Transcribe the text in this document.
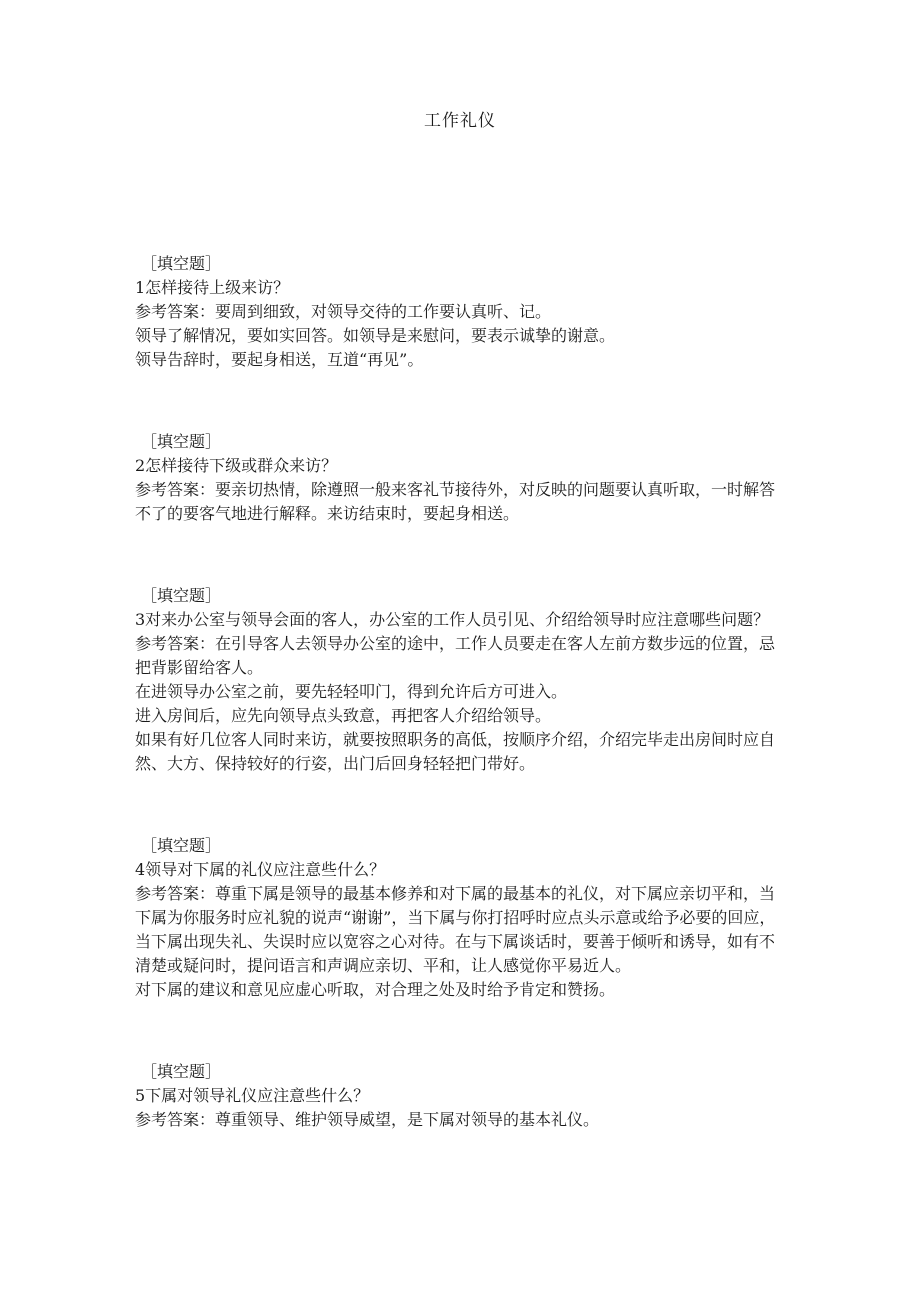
工作礼仪

［填空题］

1怎样接待上级来访？

参考答案：要周到细致，对领导交待的工作要认真听、记。

领导了解情况，要如实回答。如领导是来慰问，要表示诚挚的谢意。

领导告辞时，要起身相送，互道“再见”。

［填空题］

2怎样接待下级或群众来访？

参考答案：要亲切热情，除遵照一般来客礼节接待外，对反映的问题要认真听取，一时解答不了的要客气地进行解释。来访结束时，要起身相送。

［填空题］

3对来办公室与领导会面的客人，办公室的工作人员引见、介绍给领导时应注意哪些问题？

参考答案：在引导客人去领导办公室的途中，工作人员要走在客人左前方数步远的位置，忌把背影留给客人。

在进领导办公室之前，要先轻轻叩门，得到允许后方可进入。

进入房间后，应先向领导点头致意，再把客人介绍给领导。

如果有好几位客人同时来访，就要按照职务的高低，按顺序介绍，介绍完毕走出房间时应自然、大方、保持较好的行姿，出门后回身轻轻把门带好。

［填空题］

4领导对下属的礼仪应注意些什么？

参考答案：尊重下属是领导的最基本修养和对下属的最基本的礼仪，对下属应亲切平和，当下属为你服务时应礼貌的说声“谢谢”，当下属与你打招呼时应点头示意或给予必要的回应，当下属出现失礼、失误时应以宽容之心对待。在与下属谈话时，要善于倾听和诱导，如有不清楚或疑问时，提问语言和声调应亲切、平和，让人感觉你平易近人。

对下属的建议和意见应虚心听取，对合理之处及时给予肯定和赞扬。

［填空题］

5下属对领导礼仪应注意些什么？

参考答案：尊重领导、维护领导威望，是下属对领导的基本礼仪。
